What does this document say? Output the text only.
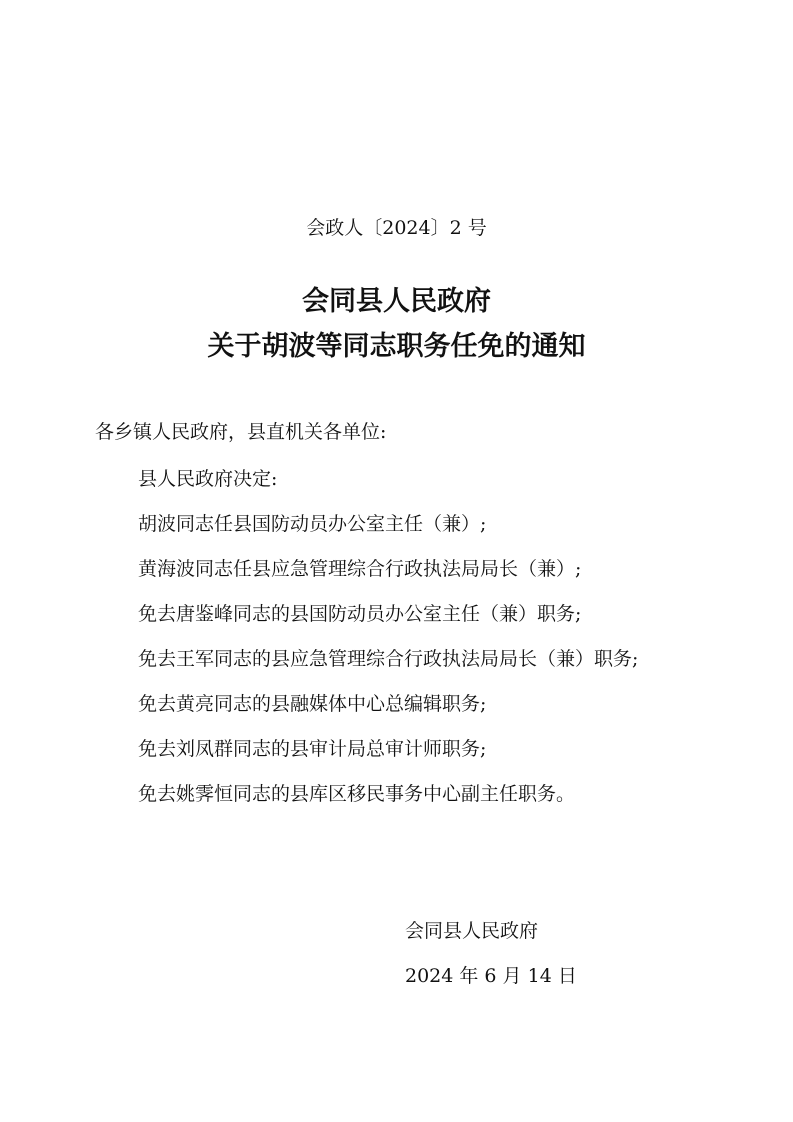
会政人〔2024〕2 号
会同县人民政府
关于胡波等同志职务任免的通知
各乡镇人民政府，县直机关各单位:
县人民政府决定:
胡波同志任县国防动员办公室主任（兼）;
黄海波同志任县应急管理综合行政执法局局长（兼）;
免去唐鉴峰同志的县国防动员办公室主任（兼）职务;
免去王军同志的县应急管理综合行政执法局局长（兼）职务;
免去黄亮同志的县融媒体中心总编辑职务;
免去刘凤群同志的县审计局总审计师职务;
免去姚霁恒同志的县库区移民事务中心副主任职务。
会同县人民政府
2024 年 6 月 14 日
